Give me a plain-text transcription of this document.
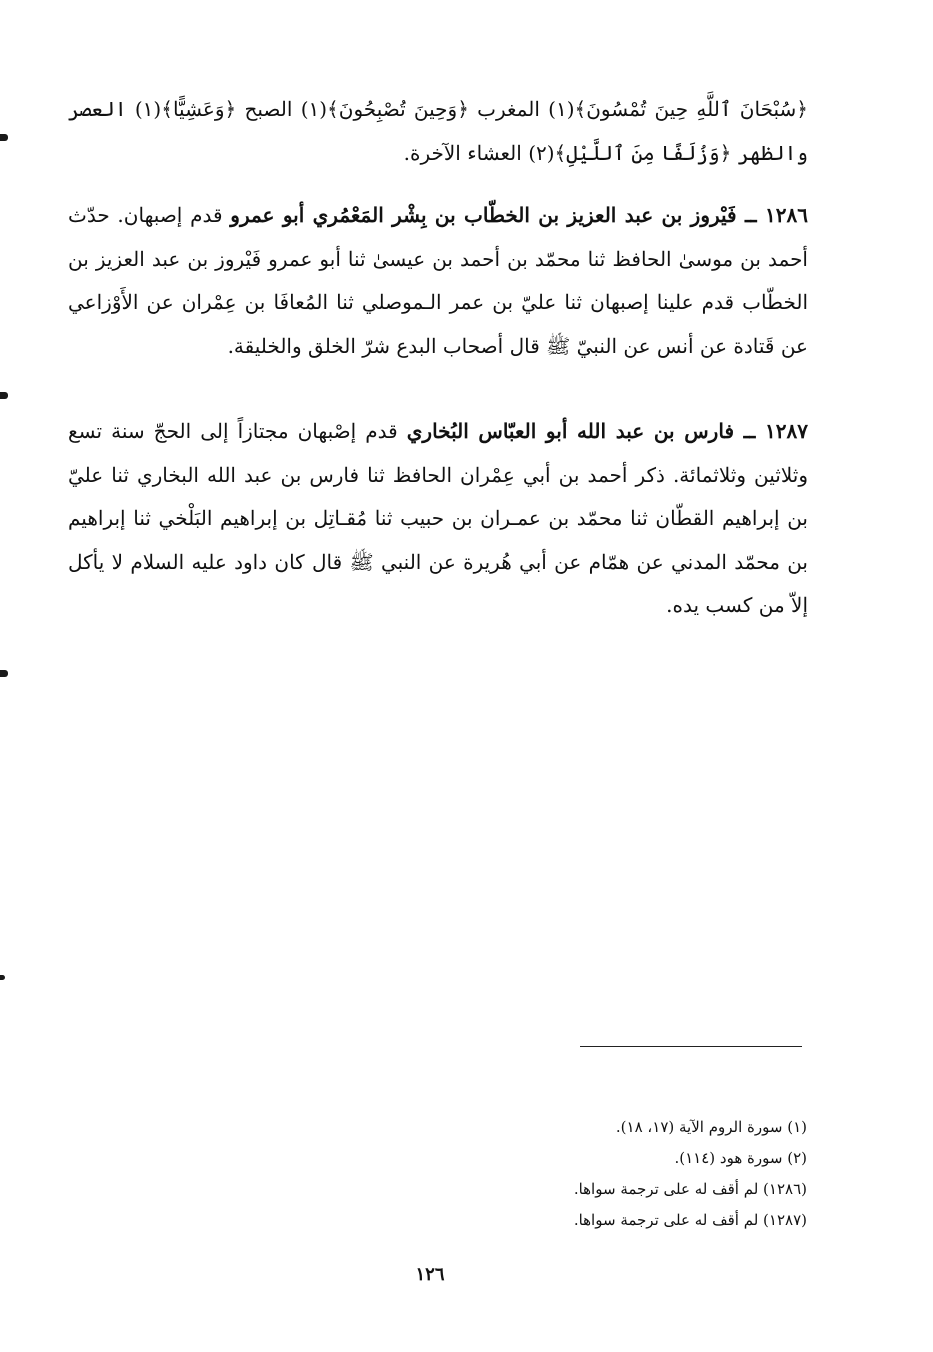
﴿سُبْحَانَ ٱللَّهِ حِينَ تُمْسُونَ﴾(١) المغرب ﴿وَحِينَ تُصْبِحُونَ﴾(١) الصبح ﴿وَعَشِيًّا﴾(١) العصر والظهر ﴿وَزُلَفًا مِنَ ٱللَّيْلِ﴾(٢) العشاء الآخرة.

١٢٨٦ ــ فَيْروز بن عبد العزيز بن الخطّاب بن بِشْر المَعْمُري أبو عمرو قدم إصبهان. حدّث أحمد بن موسىٰ الحافظ ثنا محمّد بن أحمد بن عيسىٰ ثنا أبو عمرو فَيْروز بن عبد العزيز بن الخطّاب قدم علينا إصبهان ثنا عليّ بن عمر الـموصلي ثنا المُعافَا بن عِمْران عن الأَوْزاعي عن قَتادة عن أنس عن النبيّ ﷺ قال أصحاب البدع شرّ الخلق والخليقة.

١٢٨٧ ــ فارس بن عبد الله أبو العبّاس البُخاري قدم إصْبهان مجتازاً إلى الحجّ سنة تسع وثلاثين وثلاثمائة. ذكر أحمد بن أبي عِمْران الحافظ ثنا فارس بن عبد الله البخاري ثنا عليّ بن إبراهيم القطّان ثنا محمّد بن عمـران بن حبيب ثنا مُقـاتِل بن إبراهيم البَلْخي ثنا إبراهيم بن محمّد المدني عن همّام عن أبي هُريرة عن النبي ﷺ قال كان داود عليه السلام لا يأكل إلاّ من كسب يده.

(١) سورة الروم الآية (١٧، ١٨).
(٢) سورة هود (١١٤).
(١٢٨٦) لم أقف له على ترجمة سواها.
(١٢٨٧) لم أقف له على ترجمة سواها.
١٢٦
